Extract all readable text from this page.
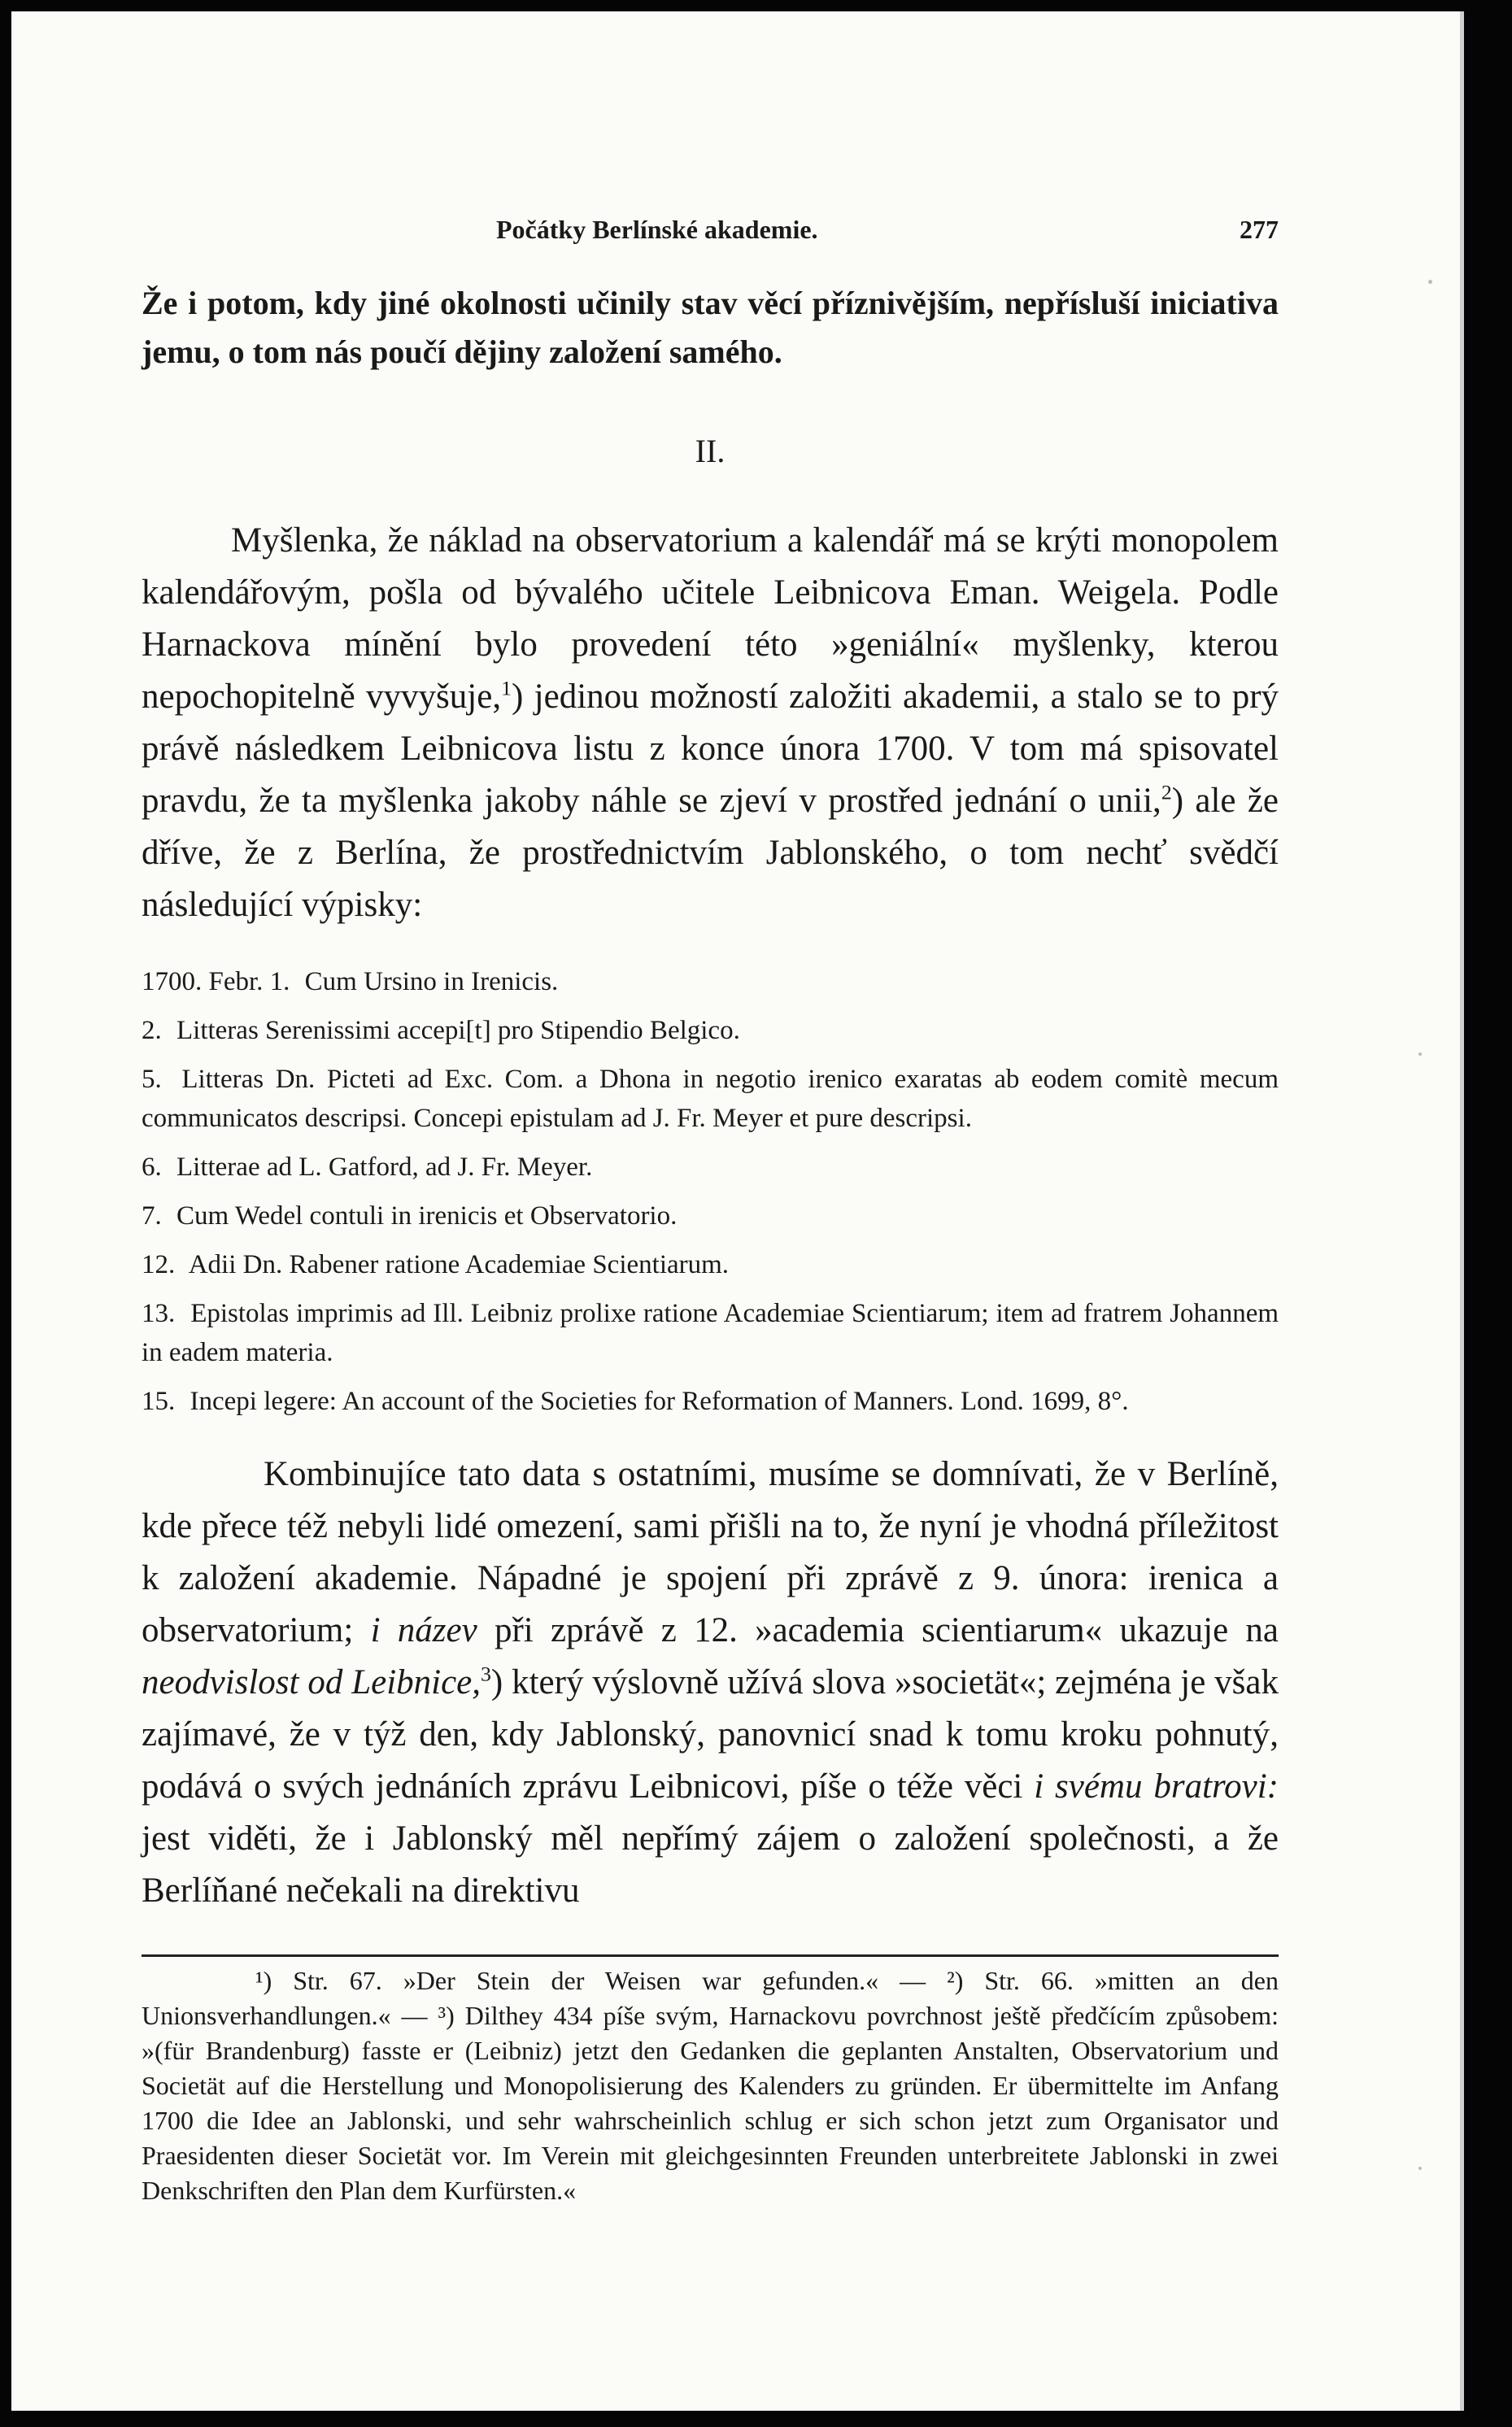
Počátky Berlínské akademie.	277

Že i potom, kdy jiné okolnosti učinily stav věcí příznivějším, nepřísluší iniciativa jemu, o tom nás poučí dějiny založení samého.

II.

Myšlenka, že náklad na observatorium a kalendář má se krýti monopolem kalendářovým, pošla od bývalého učitele Leibnicova Eman. Weigela. Podle Harnackova mínění bylo provedení této »geniální« myšlenky, kterou nepochopitelně vyvyšuje,$^1$) jedinou možností založiti akademii, a stalo se to prý právě následkem Leibnicova listu z konce února 1700. V tom má spisovatel pravdu, že ta myšlenka jakoby náhle se zjeví v prostřed jednání o unii,$^2$) ale že dříve, že z Berlína, že prostřednictvím Jablonského, o tom nechť svědčí následující výpisky:

1700. Febr. 1. Cum Ursino in Irenicis.
2. Litteras Serenissimi accepi[t] pro Stipendio Belgico.
5. Litteras Dn. Picteti ad Exc. Com. a Dhona in negotio irenico exaratas ab eodem comitè mecum communicatos descripsi. Concepi epistulam ad J. Fr. Meyer et pure descripsi.
6. Litterae ad L. Gatford, ad J. Fr. Meyer.
7. Cum Wedel contuli in irenicis et Observatorio.
12. Adii Dn. Rabener ratione Academiae Scientiarum.
13. Epistolas imprimis ad Ill. Leibniz prolixe ratione Academiae Scientiarum; item ad fratrem Johannem in eadem materia.
15. Incepi legere: An account of the Societies for Reformation of Manners. Lond. 1699, 8°.

Kombinujíce tato data s ostatními, musíme se domnívati, že v Berlíně, kde přece též nebyli lidé omezení, sami přišli na to, že nyní je vhodná příležitost k založení akademie. Nápadné je spojení při zprávě z 9. února: irenica a observatorium; i název při zprávě z 12. »academia scientiarum« ukazuje na neodvislost od Leibnice,$^3$) který výslovně užívá slova »societät«; zejména je však zajímavé, že v týž den, kdy Jablonský, panovnicí snad k tomu kroku pohnutý, podává o svých jednáních zprávu Leibnicovi, píše o téže věci i svému bratrovi: jest viděti, že i Jablonský měl nepřímý zájem o založení společnosti, a že Berlíňané nečekali na direktivu

¹) Str. 67. »Der Stein der Weisen war gefunden.« — ²) Str. 66. »mitten an den Unionsverhandlungen.« — ³) Dilthey 434 píše svým, Harnackovu povrchnost ještě předčícím způsobem: »(für Brandenburg) fasste er (Leibniz) jetzt den Gedanken die geplanten Anstalten, Observatorium und Societät auf die Herstellung und Monopolisierung des Kalenders zu gründen. Er übermittelte im Anfang 1700 die Idee an Jablonski, und sehr wahrscheinlich schlug er sich schon jetzt zum Organisator und Praesidenten dieser Societät vor. Im Verein mit gleichgesinnten Freunden unterbreitete Jablonski in zwei Denkschriften den Plan dem Kurfürsten.«
